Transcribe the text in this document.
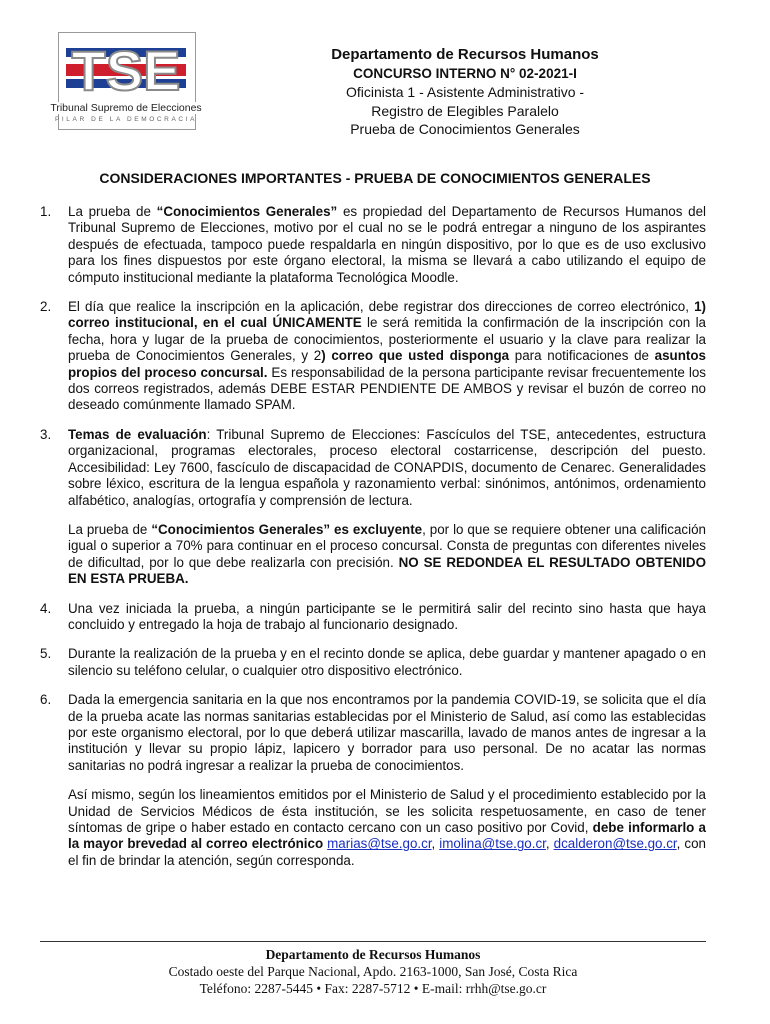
TSE
Tribunal Supremo de Elecciones
PILAR DE LA DEMOCRACIA
Departamento de Recursos Humanos
CONCURSO INTERNO N° 02-2021-I
Oficinista 1 - Asistente Administrativo -
Registro de Elegibles Paralelo
Prueba de Conocimientos Generales
CONSIDERACIONES IMPORTANTES - PRUEBA DE CONOCIMIENTOS GENERALES
1.	La prueba de “Conocimientos Generales” es propiedad del Departamento de Recursos Humanos del Tribunal Supremo de Elecciones, motivo por el cual no se le podrá entregar a ninguno de los aspirantes después de efectuada, tampoco puede respaldarla en ningún dispositivo, por lo que es de uso exclusivo para los fines dispuestos por este órgano electoral, la misma se llevará a cabo utilizando el equipo de cómputo institucional mediante la plataforma Tecnológica Moodle.

2.	El día que realice la inscripción en la aplicación, debe registrar dos direcciones de correo electrónico, 1) correo institucional, en el cual ÚNICAMENTE le será remitida la confirmación de la inscripción con la fecha, hora y lugar de la prueba de conocimientos, posteriormente el usuario y la clave para realizar la prueba de Conocimientos Generales, y 2) correo que usted disponga para notificaciones de asuntos propios del proceso concursal. Es responsabilidad de la persona participante revisar frecuentemente los dos correos registrados, además DEBE ESTAR PENDIENTE DE AMBOS y revisar el buzón de correo no deseado comúnmente llamado SPAM.

3.	Temas de evaluación: Tribunal Supremo de Elecciones: Fascículos del TSE, antecedentes, estructura organizacional, programas electorales, proceso electoral costarricense, descripción del puesto. Accesibilidad: Ley 7600, fascículo de discapacidad de CONAPDIS, documento de Cenarec. Generalidades sobre léxico, escritura de la lengua española y razonamiento verbal: sinónimos, antónimos, ordenamiento alfabético, analogías, ortografía y comprensión de lectura.

La prueba de “Conocimientos Generales” es excluyente, por lo que se requiere obtener una calificación igual o superior a 70% para continuar en el proceso concursal. Consta de preguntas con diferentes niveles de dificultad, por lo que debe realizarla con precisión. NO SE REDONDEA EL RESULTADO OBTENIDO EN ESTA PRUEBA.

4.	Una vez iniciada la prueba, a ningún participante se le permitirá salir del recinto sino hasta que haya concluido y entregado la hoja de trabajo al funcionario designado.

5.	Durante la realización de la prueba y en el recinto donde se aplica, debe guardar y mantener apagado o en silencio su teléfono celular, o cualquier otro dispositivo electrónico.

6.	Dada la emergencia sanitaria en la que nos encontramos por la pandemia COVID-19, se solicita que el día de la prueba acate las normas sanitarias establecidas por el Ministerio de Salud, así como las establecidas por este organismo electoral, por lo que deberá utilizar mascarilla, lavado de manos antes de ingresar a la institución y llevar su propio lápiz, lapicero y borrador para uso personal. De no acatar las normas sanitarias no podrá ingresar a realizar la prueba de conocimientos.

Así mismo, según los lineamientos emitidos por el Ministerio de Salud y el procedimiento establecido por la Unidad de Servicios Médicos de ésta institución, se les solicita respetuosamente, en caso de tener síntomas de gripe o haber estado en contacto cercano con un caso positivo por Covid, debe informarlo a la mayor brevedad al correo electrónico marias@tse.go.cr, imolina@tse.go.cr, dcalderon@tse.go.cr, con el fin de brindar la atención, según corresponda.

Departamento de Recursos Humanos
Costado oeste del Parque Nacional, Apdo. 2163-1000, San José, Costa Rica
Teléfono: 2287-5445 • Fax: 2287-5712 • E-mail: rrhh@tse.go.cr
